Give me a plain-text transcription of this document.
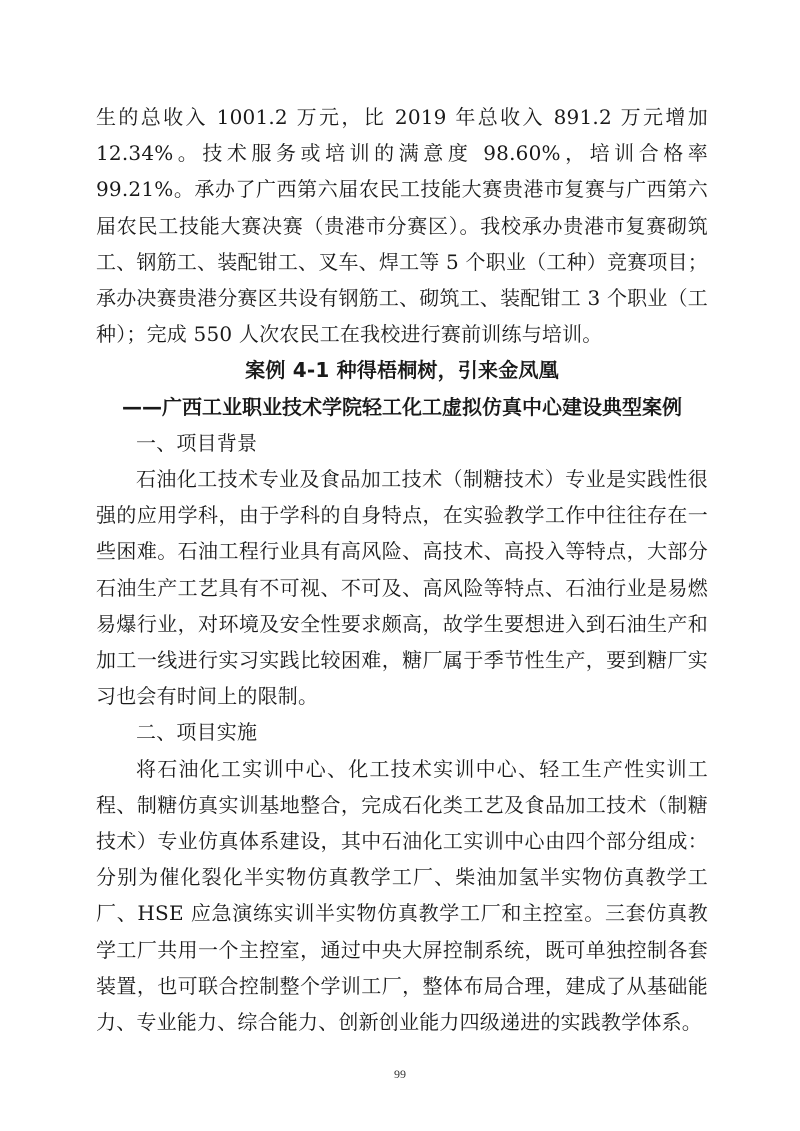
生的总收入 1001.2 万元，比 2019 年总收入 891.2 万元增加12.34%。技术服务或培训的满意度 98.60%，培训合格率 99.21%。承办了广西第六届农民工技能大赛贵港市复赛与广西第六届农民工技能大赛决赛（贵港市分赛区）。我校承办贵港市复赛砌筑工、钢筋工、装配钳工、叉车、焊工等 5 个职业（工种）竞赛项目；承办决赛贵港分赛区共设有钢筋工、砌筑工、装配钳工 3 个职业（工种）；完成 550 人次农民工在我校进行赛前训练与培训。

案例 4-1 种得梧桐树，引来金凤凰

——广西工业职业技术学院轻工化工虚拟仿真中心建设典型案例

一、项目背景

石油化工技术专业及食品加工技术（制糖技术）专业是实践性很强的应用学科，由于学科的自身特点，在实验教学工作中往往存在一些困难。石油工程行业具有高风险、高技术、高投入等特点，大部分石油生产工艺具有不可视、不可及、高风险等特点、石油行业是易燃易爆行业，对环境及安全性要求颇高，故学生要想进入到石油生产和加工一线进行实习实践比较困难，糖厂属于季节性生产，要到糖厂实习也会有时间上的限制。

二、项目实施

将石油化工实训中心、化工技术实训中心、轻工生产性实训工程、制糖仿真实训基地整合，完成石化类工艺及食品加工技术（制糖技术）专业仿真体系建设，其中石油化工实训中心由四个部分组成：分别为催化裂化半实物仿真教学工厂、柴油加氢半实物仿真教学工厂、HSE 应急演练实训半实物仿真教学工厂和主控室。三套仿真教学工厂共用一个主控室，通过中央大屏控制系统，既可单独控制各套装置，也可联合控制整个学训工厂，整体布局合理，建成了从基础能力、专业能力、综合能力、创新创业能力四级递进的实践教学体系。

99
